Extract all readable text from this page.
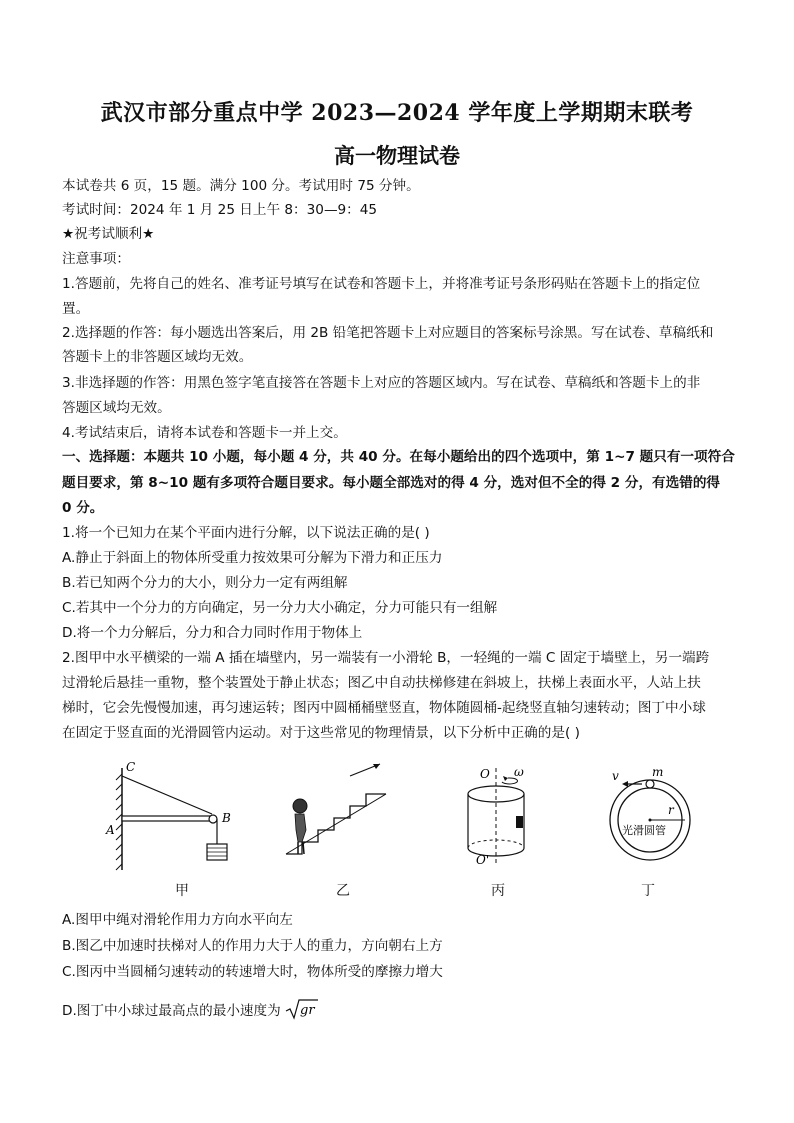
武汉市部分重点中学 2023—2024 学年度上学期期末联考
高一物理试卷
本试卷共 6 页，15 题。满分 100 分。考试用时 75 分钟。
考试时间：2024 年 1 月 25 日上午 8：30—9：45
★祝考试顺利★
注意事项：
1.答题前，先将自己的姓名、准考证号填写在试卷和答题卡上，并将准考证号条形码贴在答题卡上的指定位
置。
2.选择题的作答：每小题选出答案后，用 2B 铅笔把答题卡上对应题目的答案标号涂黑。写在试卷、草稿纸和
答题卡上的非答题区域均无效。
3.非选择题的作答：用黑色签字笔直接答在答题卡上对应的答题区域内。写在试卷、草稿纸和答题卡上的非
答题区域均无效。
4.考试结束后，请将本试卷和答题卡一并上交。
一、选择题：本题共 10 小题，每小题 4 分，共 40 分。在每小题给出的四个选项中，第 1~7 题只有一项符合
题目要求，第 8~10 题有多项符合题目要求。每小题全部选对的得 4 分，选对但不全的得 2 分，有选错的得
0 分。
1.将一个已知力在某个平面内进行分解，以下说法正确的是( )
A.静止于斜面上的物体所受重力按效果可分解为下滑力和正压力
B.若已知两个分力的大小，则分力一定有两组解
C.若其中一个分力的方向确定，另一分力大小确定，分力可能只有一组解
D.将一个力分解后，分力和合力同时作用于物体上
2.图甲中水平横梁的一端 A 插在墙壁内，另一端装有一小滑轮 B，一轻绳的一端 C 固定于墙壁上，另一端跨
过滑轮后悬挂一重物，整个装置处于静止状态；图乙中自动扶梯修建在斜坡上，扶梯上表面水平，人站上扶
梯时，它会先慢慢加速，再匀速运转；图丙中圆桶桶壁竖直，物体随圆桶-起绕竖直轴匀速转动；图丁中小球
在固定于竖直面的光滑圆管内运动。对于这些常见的物理情景，以下分析中正确的是( )
C
A
B
甲	乙
O ω
O'
丙
v	m
r
光滑圆管
丁
A.图甲中绳对滑轮作用力方向水平向左
B.图乙中加速时扶梯对人的作用力大于人的重力，方向朝右上方
C.图丙中当圆桶匀速转动的转速增大时，物体所受的摩擦力增大
D.图丁中小球过最高点的最小速度为 gr
